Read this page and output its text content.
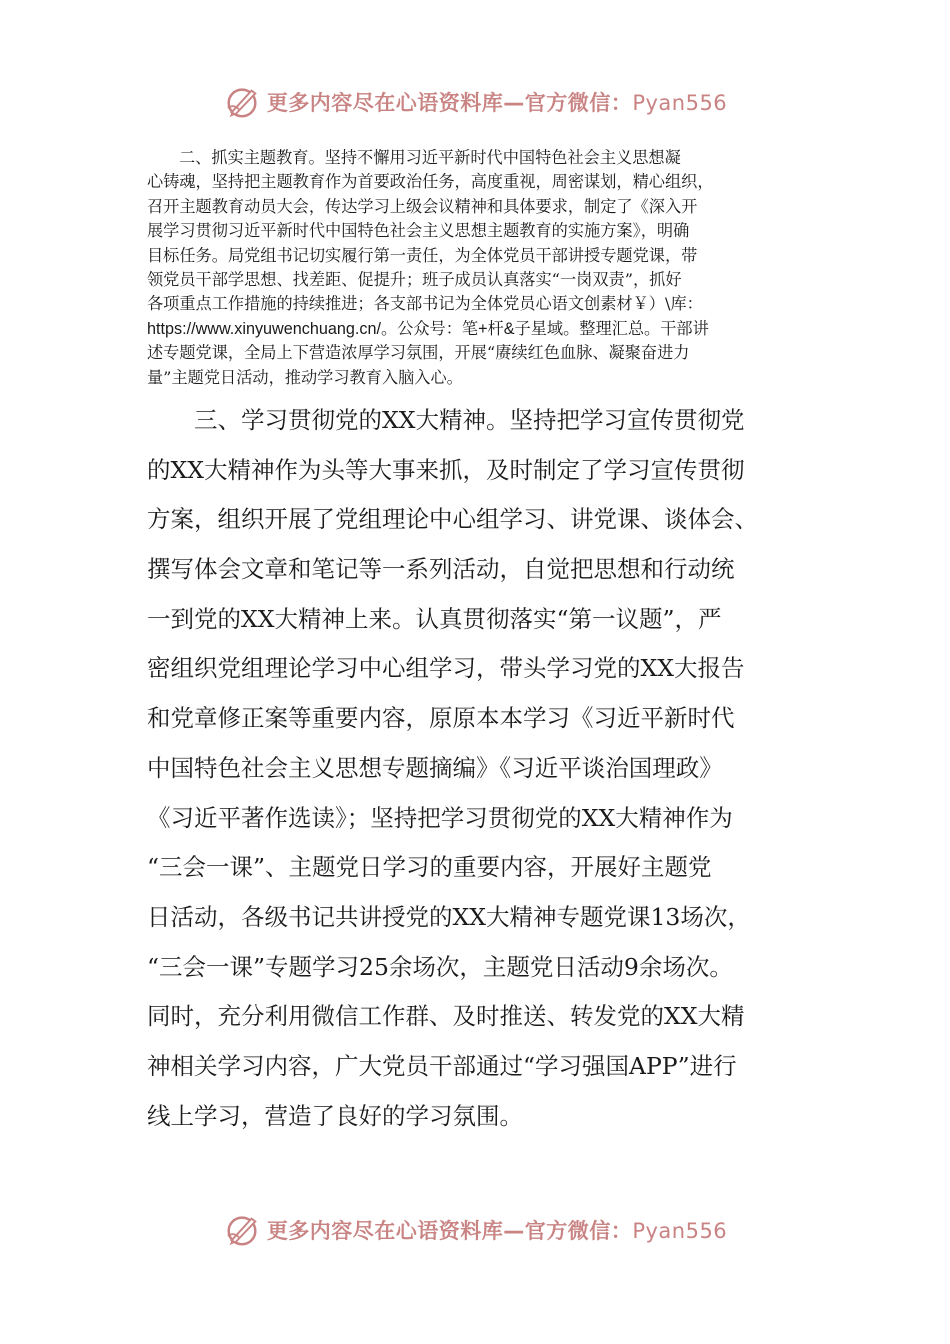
更多内容尽在心语资料库—官方微信：Pyan556
二、抓实主题教育。坚持不懈用习近平新时代中国特色社会主义思想凝
心铸魂，坚持把主题教育作为首要政治任务，高度重视，周密谋划，精心组织，
召开主题教育动员大会，传达学习上级会议精神和具体要求，制定了《深入开
展学习贯彻习近平新时代中国特色社会主义思想主题教育的实施方案》，明确
目标任务。局党组书记切实履行第一责任，为全体党员干部讲授专题党课，带
领党员干部学思想、找差距、促提升；班子成员认真落实“一岗双责”，抓好
各项重点工作措施的持续推进；各支部书记为全体党员心语文创素材￥）\库：
https://www.xinyuwenchuang.cn/。公众号：笔+杆&子星域。整理汇总。干部讲
述专题党课，全局上下营造浓厚学习氛围，开展“赓续红色血脉、凝聚奋进力
量”主题党日活动，推动学习教育入脑入心。
三、学习贯彻党的XX大精神。坚持把学习宣传贯彻党
的XX大精神作为头等大事来抓，及时制定了学习宣传贯彻
方案，组织开展了党组理论中心组学习、讲党课、谈体会、
撰写体会文章和笔记等一系列活动，自觉把思想和行动统
一到党的XX大精神上来。认真贯彻落实“第一议题”，严
密组织党组理论学习中心组学习，带头学习党的XX大报告
和党章修正案等重要内容，原原本本学习《习近平新时代
中国特色社会主义思想专题摘编》《习近平谈治国理政》
《习近平著作选读》；坚持把学习贯彻党的XX大精神作为
“三会一课”、主题党日学习的重要内容，开展好主题党
日活动，各级书记共讲授党的XX大精神专题党课13场次，
“三会一课”专题学习25余场次，主题党日活动9余场次。
同时，充分利用微信工作群、及时推送、转发党的XX大精
神相关学习内容，广大党员干部通过“学习强国APP”进行
线上学习，营造了良好的学习氛围。
更多内容尽在心语资料库—官方微信：Pyan556
